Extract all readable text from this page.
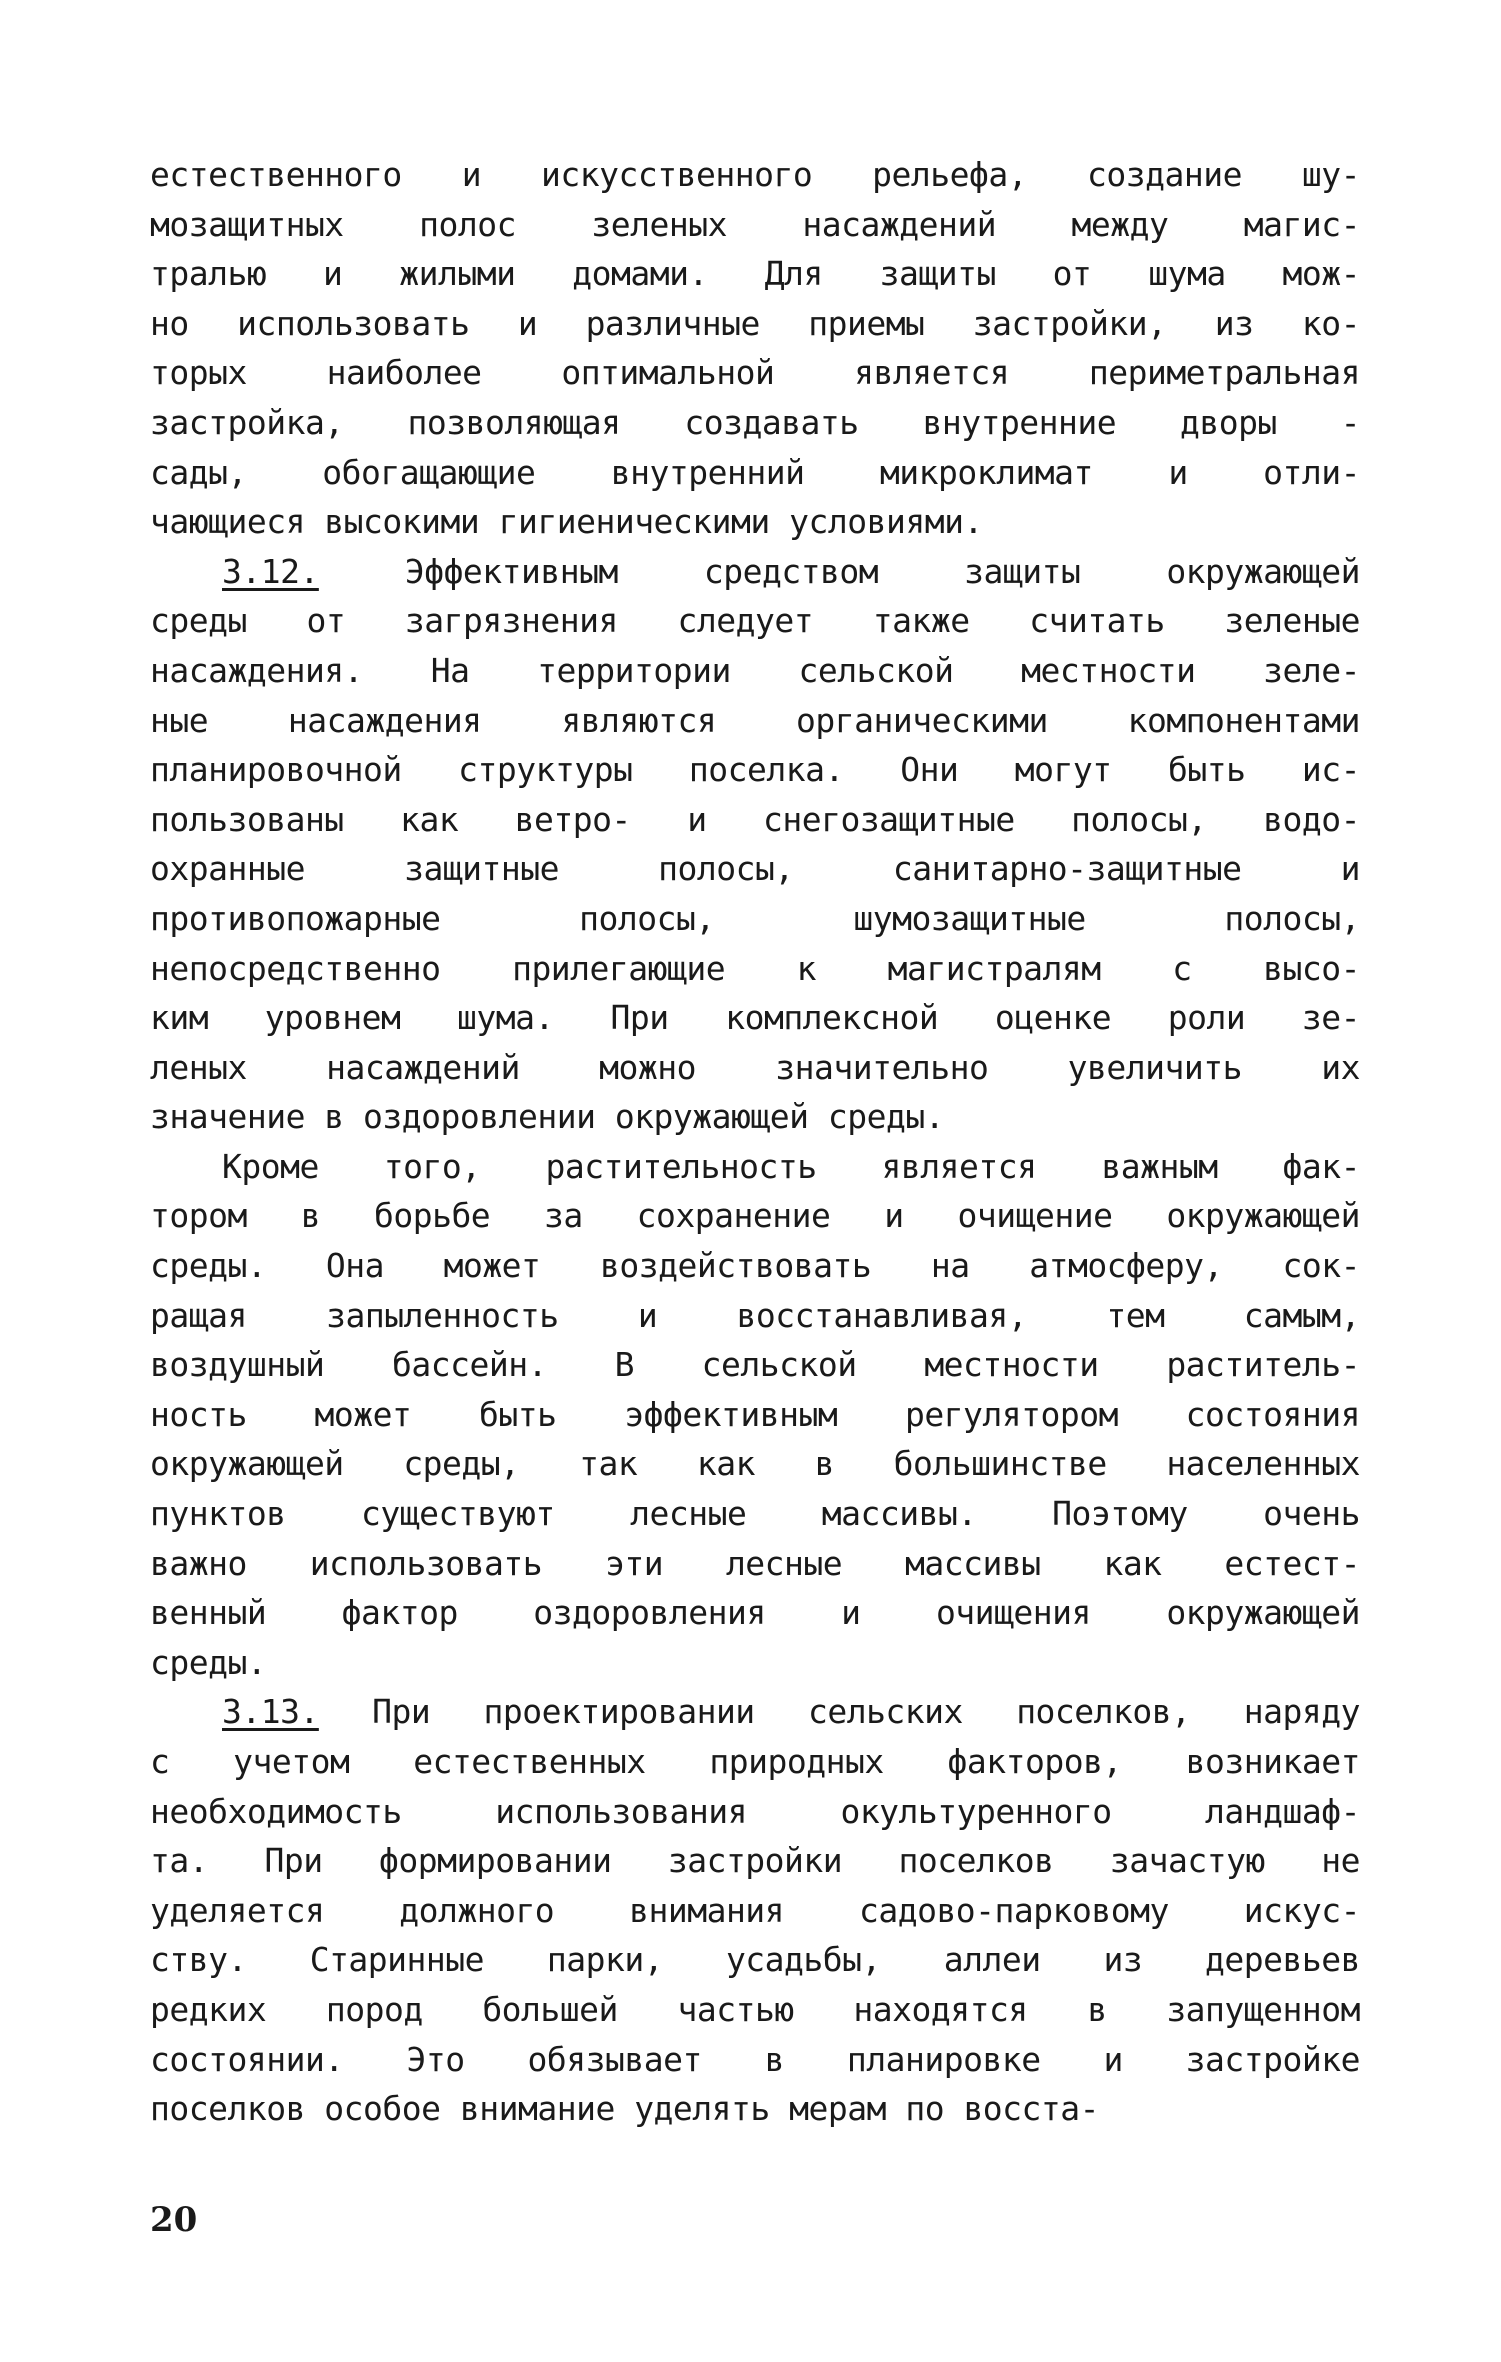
естественного и искусственного рельефа, создание шу-
мозащитных полос зеленых насаждений между магис-
тралью и жилыми домами. Для защиты от шума мож-
но использовать и различные приемы застройки, из ко-
торых наиболее оптимальной является периметральная
застройка, позволяющая создавать внутренние дворы -
сады, обогащающие внутренний микроклимат и отли-
чающиеся высокими гигиеническими условиями.
3.12.	Эффективным средством защиты окружающей
среды от загрязнения следует также считать зеленые
насаждения. На территории сельской местности зеле-
ные насаждения являются органическими компонентами
планировочной структуры поселка. Они могут быть ис-
пользованы как ветро- и снегозащитные полосы, водо-
охранные защитные полосы, санитарно-защитные и
противопожарные полосы, шумозащитные полосы,
непосредственно прилегающие к магистралям с высо-
ким уровнем шума. При комплексной оценке роли зе-
леных насаждений можно значительно увеличить их
значение в оздоровлении окружающей среды.
Кроме того, растительность является важным фак-
тором в борьбе за сохранение и очищение окружающей
среды. Она может воздействовать на атмосферу, сок-
ращая запыленность и восстанавливая, тем самым,
воздушный бассейн. В сельской местности раститель-
ность может быть эффективным регулятором состояния
окружающей среды, так как в большинстве населенных
пунктов существуют лесные массивы. Поэтому очень
важно использовать эти лесные массивы как естест-
венный фактор оздоровления и очищения окружающей
среды.
3.13. При проектировании сельских поселков, наряду
с учетом естественных природных факторов, возникает
необходимость использования окультуренного ландшаф-
та. При формировании застройки поселков зачастую не
уделяется должного внимания садово-парковому искус-
ству. Старинные парки, усадьбы, аллеи из деревьев
редких пород большей частью находятся в запущенном
состоянии. Это обязывает в планировке и застройке
поселков особое внимание уделять мерам по восста-
20
